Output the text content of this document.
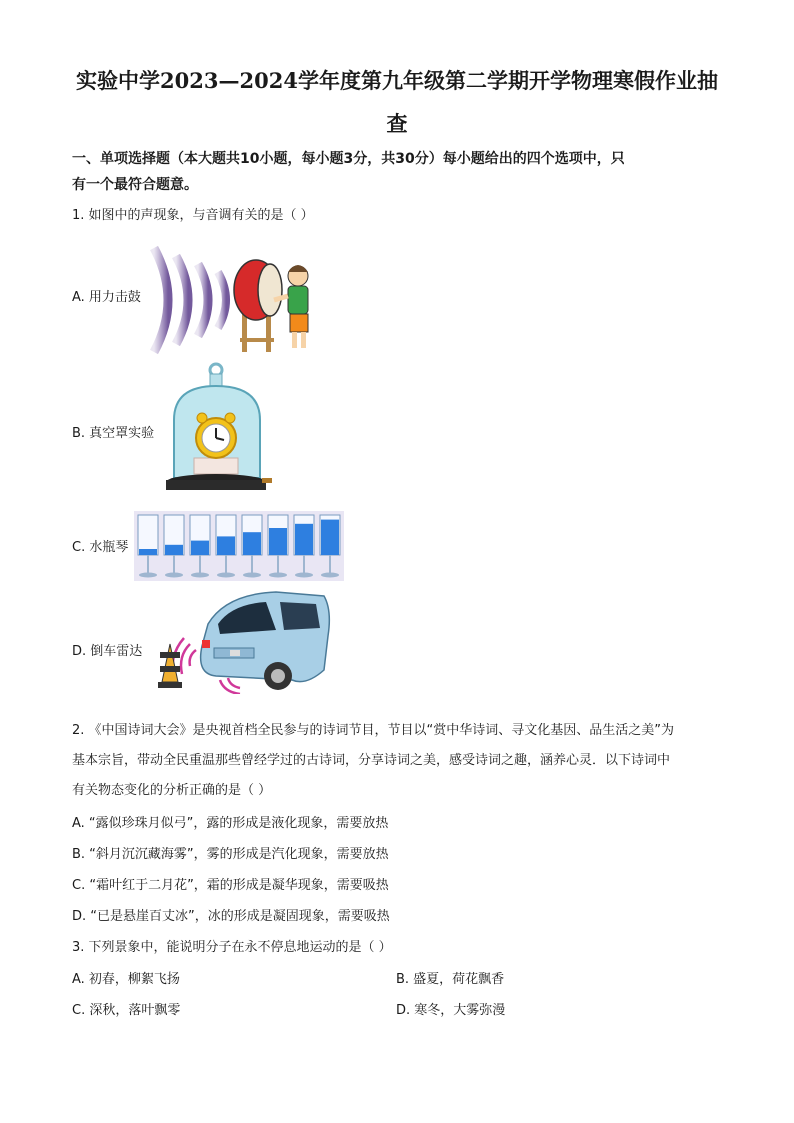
实验中学2023—2024学年度第九年级第二学期开学物理寒假作业抽
查
一、单项选择题（本大题共10小题，每小题3分，共30分）每小题给出的四个选项中，只
有一个最符合题意。
1. 如图中的声现象，与音调有关的是（ ）
A. 用力击鼓
B. 真空罩实验
C. 水瓶琴
D. 倒车雷达
2. 《中国诗词大会》是央视首档全民参与的诗词节目，节目以“赏中华诗词、寻文化基因、品生活之美”为
基本宗旨，带动全民重温那些曾经学过的古诗词，分享诗词之美，感受诗词之趣，涵养心灵．以下诗词中
有关物态变化的分析正确的是（ ）
A. “露似珍珠月似弓”，露的形成是液化现象，需要放热
B. “斜月沉沉藏海雾”，雾的形成是汽化现象，需要放热
C. “霜叶红于二月花”，霜的形成是凝华现象，需要吸热
D. “已是悬崖百丈冰”，冰的形成是凝固现象，需要吸热
3. 下列景象中，能说明分子在永不停息地运动的是（ ）
A. 初春，柳絮飞扬	B. 盛夏，荷花飘香
C. 深秋，落叶飘零	D. 寒冬，大雾弥漫
